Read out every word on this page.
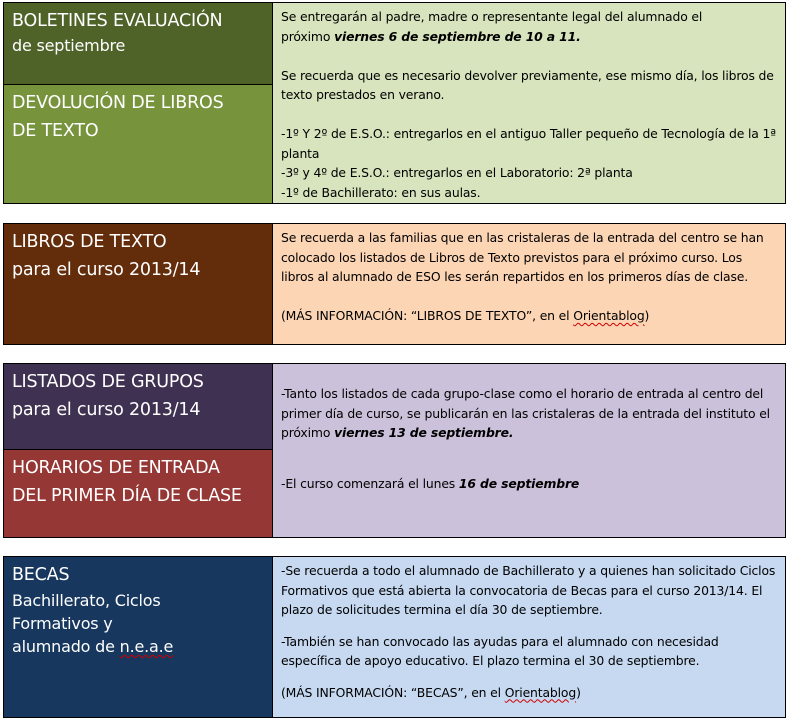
BOLETINES EVALUACIÓN
de septiembre
DEVOLUCIÓN DE LIBROS
DE TEXTO

Se entregarán al padre, madre o representante legal del alumnado el
próximo viernes 6 de septiembre de 10 a 11.

Se recuerda que es necesario devolver previamente, ese mismo día, los libros de texto prestados en verano.

-1º Y 2º de E.S.O.: entregarlos en el antiguo Taller pequeño de Tecnología de la 1ª planta

-3º y 4º de E.S.O.: entregarlos en el Laboratorio: 2ª planta

-1º de Bachillerato: en sus aulas.

LIBROS DE TEXTO
para el curso 2013/14

Se recuerda a las familias que en las cristaleras de la entrada del centro se han colocado los listados de Libros de Texto previstos para el próximo curso. Los libros al alumnado de ESO les serán repartidos en los primeros días de clase.

(MÁS INFORMACIÓN: “LIBROS DE TEXTO”, en el Orientablog)

LISTADOS DE GRUPOS
para el curso 2013/14
HORARIOS DE ENTRADA
DEL PRIMER DÍA DE CLASE

-Tanto los listados de cada grupo-clase como el horario de entrada al centro del primer día de curso, se publicarán en las cristaleras de la entrada del instituto el próximo viernes 13 de septiembre.

-El curso comenzará el lunes 16 de septiembre

BECAS
Bachillerato, Ciclos
Formativos y
alumnado de n.e.a.e

-Se recuerda a todo el alumnado de Bachillerato y a quienes han solicitado Ciclos Formativos que está abierta la convocatoria de Becas para el curso 2013/14. El plazo de solicitudes termina el día 30 de septiembre.

-También se han convocado las ayudas para el alumnado con necesidad específica de apoyo educativo. El plazo termina el 30 de septiembre.

(MÁS INFORMACIÓN: “BECAS”, en el Orientablog)
